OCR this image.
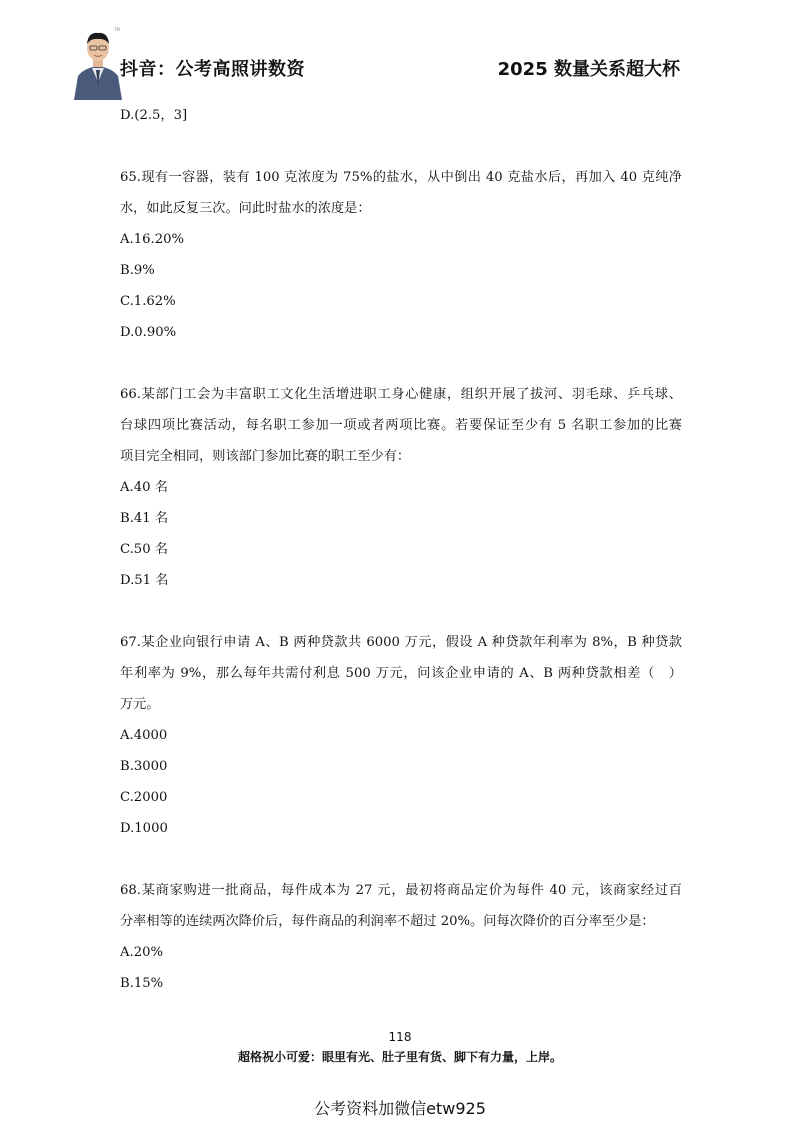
TM
抖音：公考高照讲数资	2025 数量关系超大杯
D.(2.5，3]
65.现有一容器，装有 100 克浓度为 75%的盐水，从中倒出 40 克盐水后，再加入 40 克纯净
水，如此反复三次。问此时盐水的浓度是：
A.16.20%
B.9%
C.1.62%
D.0.90%
66.某部门工会为丰富职工文化生活增进职工身心健康，组织开展了拔河、羽毛球、乒乓球、
台球四项比赛活动，每名职工参加一项或者两项比赛。若要保证至少有 5 名职工参加的比赛
项目完全相同，则该部门参加比赛的职工至少有：
A.40 名
B.41 名
C.50 名
D.51 名
67.某企业向银行申请 A、B 两种贷款共 6000 万元，假设 A 种贷款年利率为 8%，B 种贷款
年利率为 9%，那么每年共需付利息 500 万元，问该企业申请的 A、B 两种贷款相差（　）
万元。
A.4000
B.3000
C.2000
D.1000
68.某商家购进一批商品，每件成本为 27 元，最初将商品定价为每件 40 元，该商家经过百
分率相等的连续两次降价后，每件商品的利润率不超过 20%。问每次降价的百分率至少是：
A.20%
B.15%
118
超格祝小可爱：眼里有光、肚子里有货、脚下有力量，上岸。
公考资料加微信etw925
